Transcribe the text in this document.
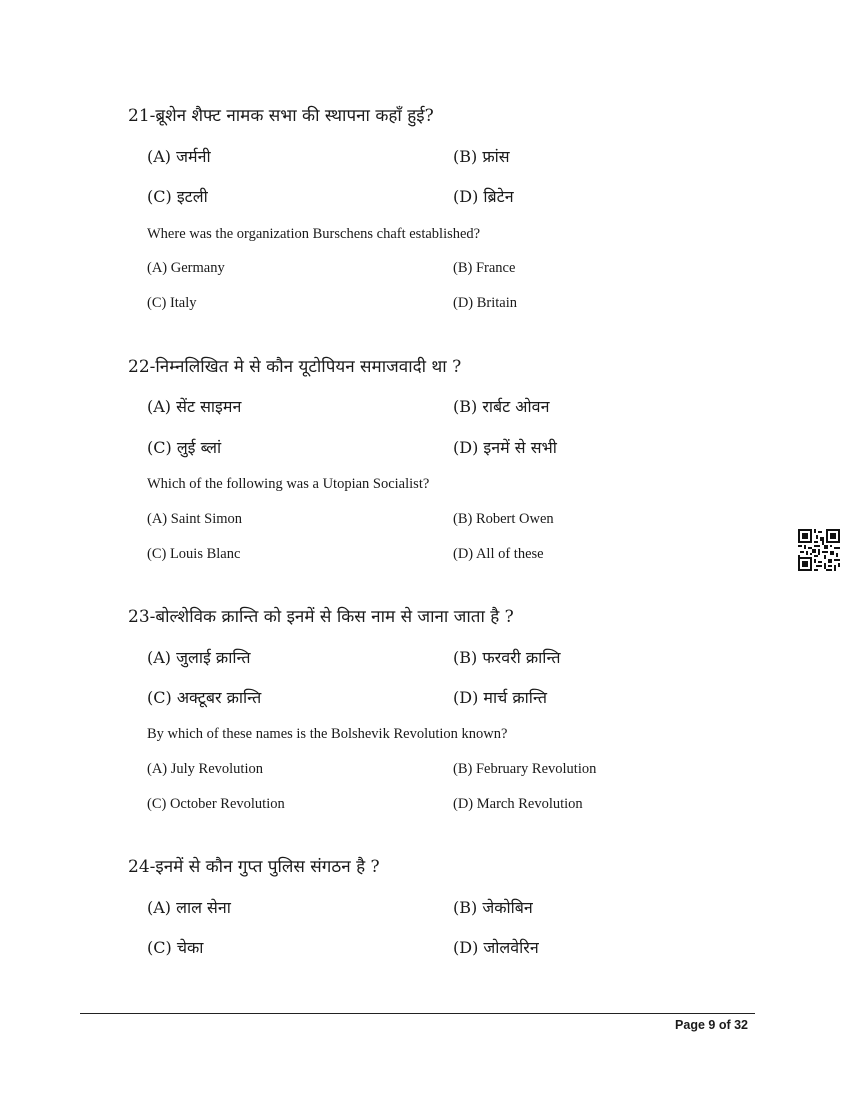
21-ब्रूशेन शैफ्ट नामक सभा की स्थापना कहाँ हुई?
(A) जर्मनी	(B) फ्रांस
(C) इटली	(D) ब्रिटेन
Where was the organization Burschens chaft established?
(A) Germany	(B) France
(C) Italy	(D) Britain
22-निम्नलिखित मे से कौन यूटोपियन समाजवादी था ?
(A) सेंट साइमन	(B) रार्बट ओवन
(C) लुई ब्लां	(D) इनमें से सभी
Which of the following was a Utopian Socialist?
(A) Saint Simon	(B) Robert Owen
(C) Louis Blanc	(D) All of these
23-बोल्शेविक क्रान्ति को इनमें से किस नाम से जाना जाता है ?
(A) जुलाई क्रान्ति	(B) फरवरी क्रान्ति
(C) अक्टूबर क्रान्ति	(D) मार्च क्रान्ति
By which of these names is the Bolshevik Revolution known?
(A) July Revolution	(B) February Revolution
(C) October Revolution	(D) March Revolution
24-इनमें से कौन गुप्त पुलिस संगठन है ?
(A) लाल सेना	(B) जेकोबिन
(C) चेका	(D) जोलवेरिन
Page 9 of 32
